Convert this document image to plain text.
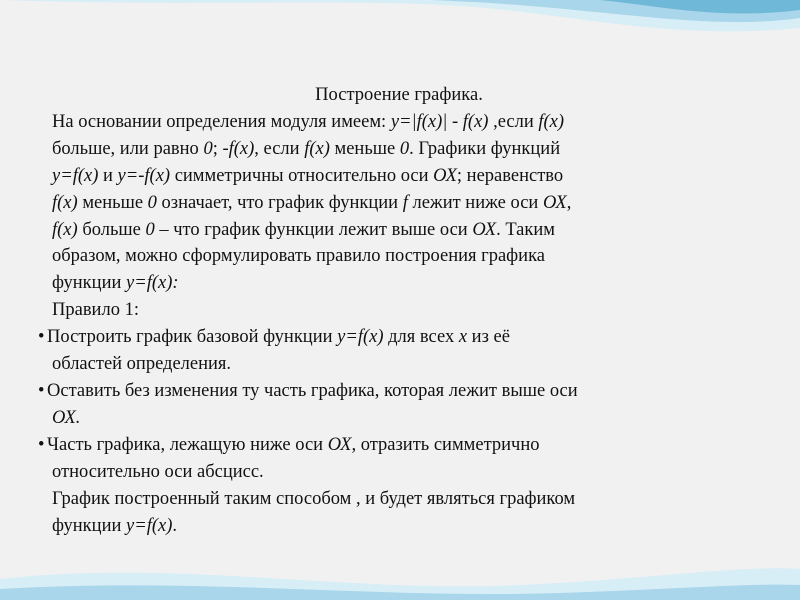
Построение графика.

На основании определения модуля имеем: y=|f(x)| - f(x) ,если f(x)

больше, или равно 0; -f(x), если f(x) меньше 0. Графики функций

y=f(x) и y=-f(x) симметричны относительно оси ОХ; неравенство

f(x) меньше 0 означает, что график функции f лежит ниже оси ОХ,

f(x) больше 0 – что график функции лежит выше оси ОХ. Таким

образом, можно сформулировать правило построения графика

функции y=f(x):

Правило 1:

• Построить график базовой функции y=f(x) для всех x из её
областей определения.
• Оставить без изменения ту часть графика, которая лежит выше оси
ОХ.
• Часть графика, лежащую ниже оси ОХ, отразить симметрично
относительно оси абсцисс.

График построенный таким способом , и будет являться графиком

функции y=f(x).
